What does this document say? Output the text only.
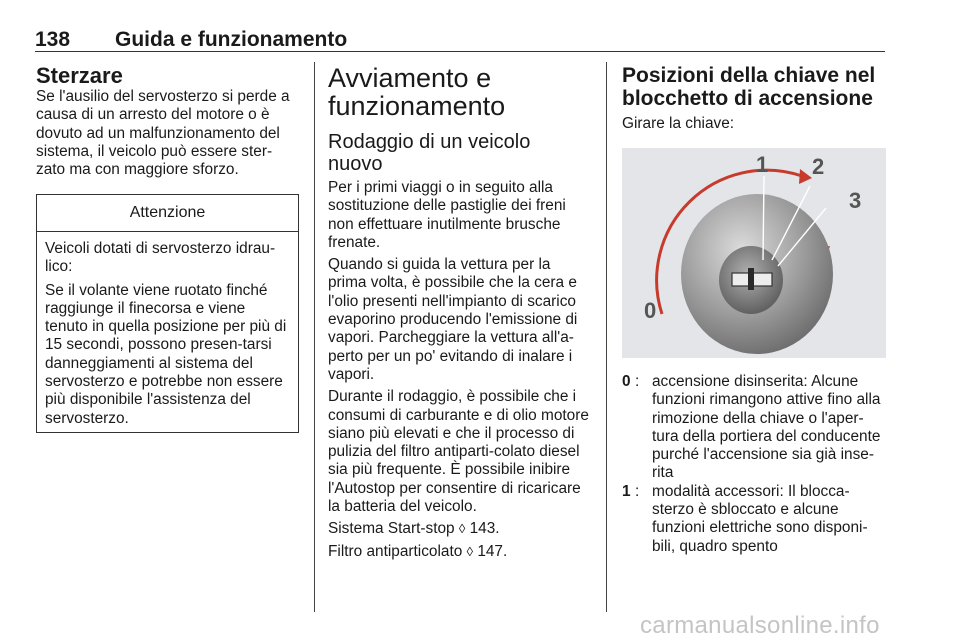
138 Guida e funzionamento
Sterzare

Se l'ausilio del servosterzo si perde a causa di un arresto del motore o è dovuto ad un malfunzionamento del sistema, il veicolo può essere ster-zato ma con maggiore sforzo.

Attenzione

Veicoli dotati di servosterzo idrau-lico:

Se il volante viene ruotato finché raggiunge il finecorsa e viene tenuto in quella posizione per più di 15 secondi, possono presen-tarsi danneggiamenti al sistema del servosterzo e potrebbe non essere più disponibile l'assistenza del servosterzo.

Avviamento e funzionamento
Rodaggio di un veicolo nuovo

Per i primi viaggi o in seguito alla sostituzione delle pastiglie dei freni non effettuare inutilmente brusche frenate.

Quando si guida la vettura per la prima volta, è possibile che la cera e l'olio presenti nell'impianto di scarico evaporino producendo l'emissione di vapori. Parcheggiare la vettura all'a-perto per un po' evitando di inalare i vapori.

Durante il rodaggio, è possibile che i consumi di carburante e di olio motore siano più elevati e che il processo di pulizia del filtro antiparti-colato diesel sia più frequente. È possibile inibire l'Autostop per consentire di ricaricare la batteria del veicolo.

Sistema Start-stop ◊ 143.

Filtro antiparticolato ◊ 147.

Posizioni della chiave nel blocchetto di accensione

Girare la chiave:

1 2
3
0
0 : accensione disinserita: Alcune funzioni rimangono attive fino alla rimozione della chiave o l'aper-tura della portiera del conducente purché l'accensione sia già inse-rita
1 : modalità accessori: Il blocca-sterzo è sbloccato e alcune funzioni elettriche sono disponi-bili, quadro spento
carmanualsonline.info
